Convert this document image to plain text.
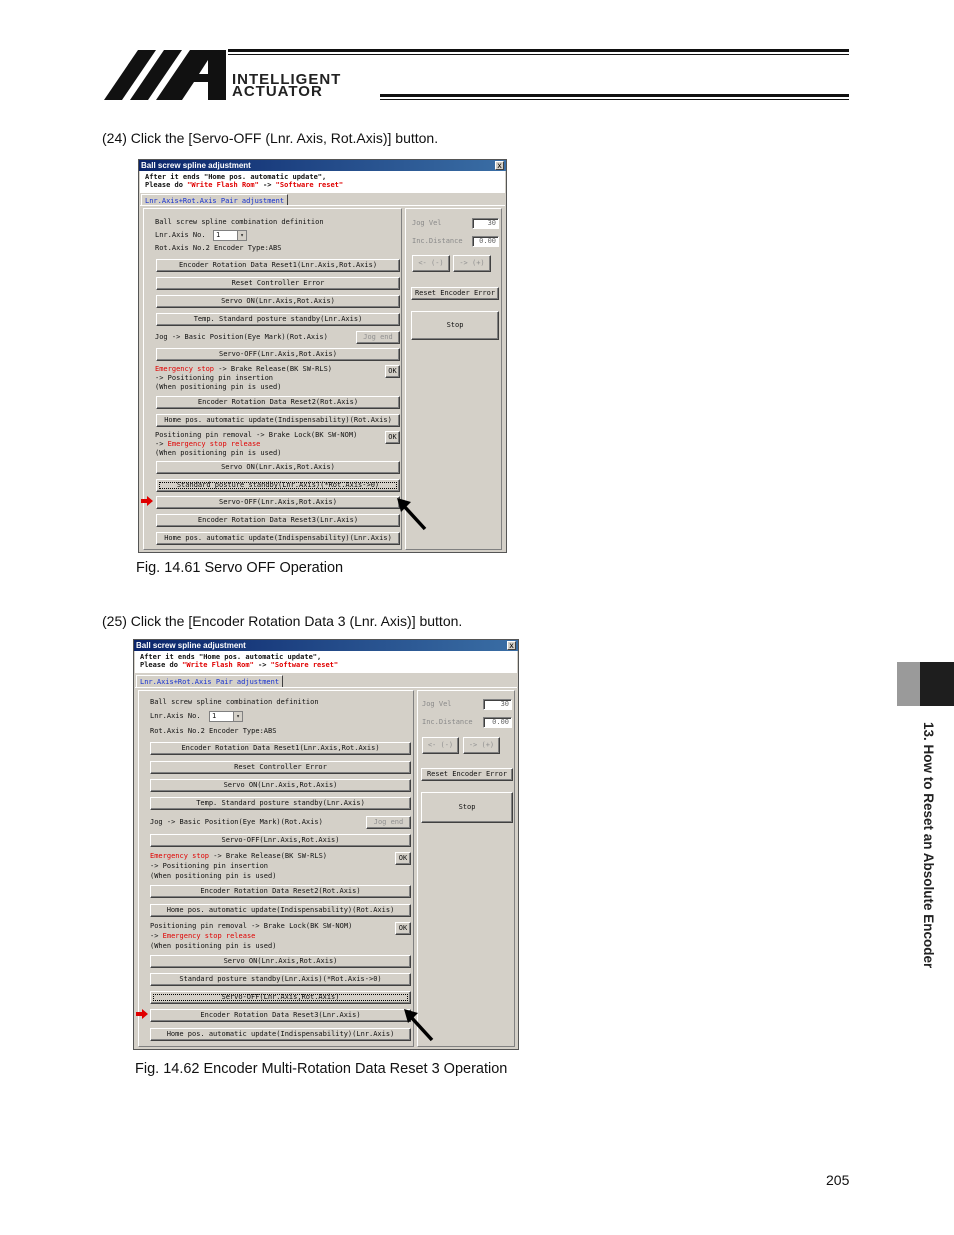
INTELLIGENT
ACTUATOR
(24) Click the [Servo-OFF (Lnr. Axis, Rot.Axis)] button.
Ball screw spline adjustment	x
After it ends "Home pos. automatic update",
Please do "Write Flash Rom" -> "Software reset"
Lnr.Axis+Rot.Axis Pair adjustment
Ball screw spline combination definition
Lnr.Axis No.	1	▾
Rot.Axis No.2 Encoder Type:ABS
Encoder Rotation Data Reset1(Lnr.Axis,Rot.Axis)
Reset Controller Error
Servo ON(Lnr.Axis,Rot.Axis)
Temp. Standard posture standby(Lnr.Axis)
Jog -> Basic Position(Eye Mark)(Rot.Axis)	Jog end
Servo-OFF(Lnr.Axis,Rot.Axis)
Emergency stop -> Brake Release(BK SW-RLS)
-> Positioning pin insertion
(When positioning pin is used)
OK
Encoder Rotation Data Reset2(Rot.Axis)
Home pos. automatic update(Indispensability)(Rot.Axis)
Positioning pin removal -> Brake Lock(BK SW-NOM)
-> Emergency stop release
(When positioning pin is used)
OK
Servo ON(Lnr.Axis,Rot.Axis)
Standard posture standby(Lnr.Axis)(*Rot.Axis->0)
Servo-OFF(Lnr.Axis,Rot.Axis)
Encoder Rotation Data Reset3(Lnr.Axis)
Home pos. automatic update(Indispensability)(Lnr.Axis)
Jog Vel	30
Inc.Distance	0.00
<- (-)	-> (+)
Reset Encoder Error
Stop
Fig. 14.61 Servo OFF Operation
(25) Click the [Encoder Rotation Data 3 (Lnr. Axis)] button.
Ball screw spline adjustment	x
After it ends "Home pos. automatic update",
Please do "Write Flash Rom" -> "Software reset"
Lnr.Axis+Rot.Axis Pair adjustment
Ball screw spline combination definition
Lnr.Axis No.	1	▾
Rot.Axis No.2 Encoder Type:ABS
Encoder Rotation Data Reset1(Lnr.Axis,Rot.Axis)
Reset Controller Error
Servo ON(Lnr.Axis,Rot.Axis)
Temp. Standard posture standby(Lnr.Axis)
Jog -> Basic Position(Eye Mark)(Rot.Axis)	Jog end
Servo-OFF(Lnr.Axis,Rot.Axis)
Emergency stop -> Brake Release(BK SW-RLS)
-> Positioning pin insertion
(When positioning pin is used)
OK
Encoder Rotation Data Reset2(Rot.Axis)
Home pos. automatic update(Indispensability)(Rot.Axis)
Positioning pin removal -> Brake Lock(BK SW-NOM)
-> Emergency stop release
(When positioning pin is used)
OK
Servo ON(Lnr.Axis,Rot.Axis)
Standard posture standby(Lnr.Axis)(*Rot.Axis->0)
Servo-OFF(Lnr.Axis,Rot.Axis)
Encoder Rotation Data Reset3(Lnr.Axis)
Home pos. automatic update(Indispensability)(Lnr.Axis)
Jog Vel	30
Inc.Distance	0.00
<- (-)	-> (+)
Reset Encoder Error
Stop
Fig. 14.62 Encoder Multi-Rotation Data Reset 3 Operation
13. How to Reset an Absolute Encoder
205
